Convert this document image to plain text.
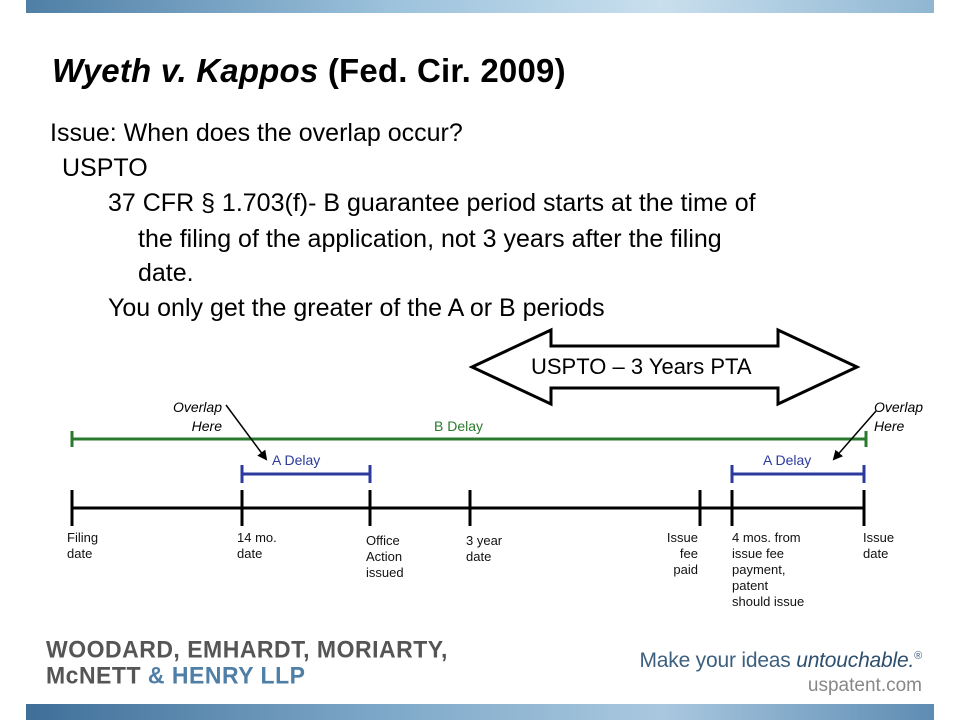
Wyeth v. Kappos (Fed. Cir. 2009)
Issue: When does the overlap occur?
USPTO
37 CFR § 1.703(f)- B guarantee period starts at the time of
the filing of the application, not 3 years after the filing
date.
You only get the greater of the A or B periods
USPTO – 3 Years PTA
B Delay
A Delay	A Delay
Overlap
Here
Overlap
Here
Filing
date
14 mo.
date
Office
Action
issued
3 year
date
Issue
fee
paid
4 mos. from
issue fee
payment,
patent
should issue
Issue
date
WOODARD, EMHARDT, MORIARTY,
McNETT & HENRY LLP
Make your ideas untouchable.®
uspatent.com
